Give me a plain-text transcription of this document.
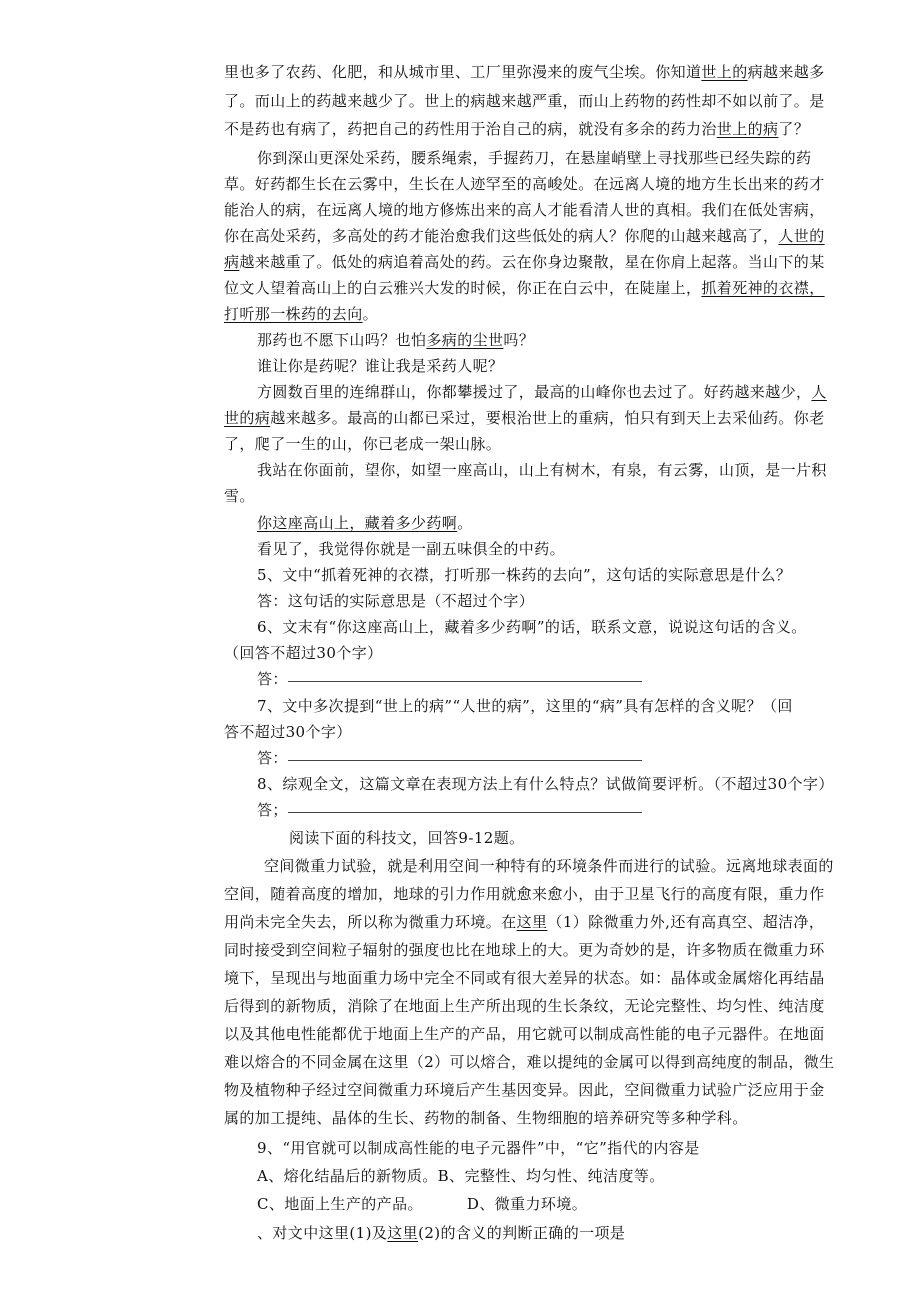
里也多了农药、化肥，和从城市里、工厂里弥漫来的废气尘埃。你知道世上的病越来越多
了。而山上的药越来越少了。世上的病越来越严重，而山上药物的药性却不如以前了。是
不是药也有病了，药把自己的药性用于治自己的病，就没有多余的药力治世上的病了？
你到深山更深处采药，腰系绳索，手握药刀，在悬崖峭壁上寻找那些已经失踪的药
草。好药都生长在云雾中，生长在人迹罕至的高峻处。在远离人境的地方生长出来的药才
能治人的病，在远离人境的地方修炼出来的高人才能看清人世的真相。我们在低处害病，
你在高处采药，多高处的药才能治愈我们这些低处的病人？你爬的山越来越高了，人世的
病越来越重了。低处的病追着高处的药。云在你身边聚散，星在你肩上起落。当山下的某
位文人望着高山上的白云雅兴大发的时候，你正在白云中，在陡崖上，抓着死神的衣襟，
打听那一株药的去向。
那药也不愿下山吗？也怕多病的尘世吗？
谁让你是药呢？谁让我是采药人呢？
方圆数百里的连绵群山，你都攀援过了，最高的山峰你也去过了。好药越来越少，人
世的病越来越多。最高的山都已采过，要根治世上的重病，怕只有到天上去采仙药。你老
了，爬了一生的山，你已老成一架山脉。
我站在你面前，望你，如望一座高山，山上有树木，有泉，有云雾，山顶，是一片积
雪。
你这座高山上，藏着多少药啊。
看见了，我觉得你就是一副五味俱全的中药。
5、文中“抓着死神的衣襟，打听那一株药的去向”，这句话的实际意思是什么？
答：这句话的实际意思是（不超过个字）
6、文末有“你这座高山上，藏着多少药啊”的话，联系文意，说说这句话的含义。
（回答不超过30个字）
答：
7、文中多次提到“世上的病”“人世的病”，这里的“病”具有怎样的含义呢？（回
答不超过30个字）
答：
8、综观全文，这篇文章在表现方法上有什么特点？试做简要评析。（不超过30个字）
答；
阅读下面的科技文，回答9-12题。
空间微重力试验，就是利用空间一种特有的环境条件而进行的试验。远离地球表面的
空间，随着高度的增加，地球的引力作用就愈来愈小，由于卫星飞行的高度有限，重力作
用尚未完全失去，所以称为微重力环境。在这里（1）除微重力外,还有高真空、超洁净，
同时接受到空间粒子辐射的强度也比在地球上的大。更为奇妙的是，许多物质在微重力环
境下，呈现出与地面重力场中完全不同或有很大差异的状态。如：晶体或金属熔化再结晶
后得到的新物质，消除了在地面上生产所出现的生长条纹，无论完整性、均匀性、纯洁度
以及其他电性能都优于地面上生产的产品，用它就可以制成高性能的电子元器件。在地面
难以熔合的不同金属在这里（2）可以熔合，难以提纯的金属可以得到高纯度的制品，微生
物及植物种子经过空间微重力环境后产生基因变异。因此，空间微重力试验广泛应用于金
属的加工提纯、晶体的生长、药物的制备、生物细胞的培养研究等多种学科。
9、“用官就可以制成高性能的电子元器件”中，“它”指代的内容是
A、熔化结晶后的新物质。B、完整性、均匀性、纯洁度等。
C、地面上生产的产品。	D、微重力环境。
、对文中这里(1)及这里(2)的含义的判断正确的一项是
